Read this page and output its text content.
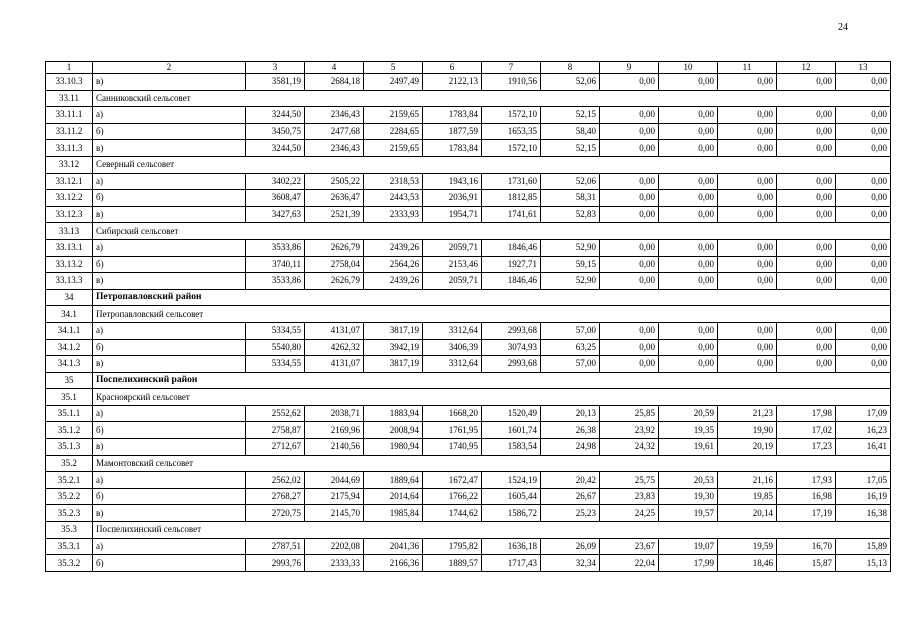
24
1	2	3	4	5	6	7	8	9	10	11	12	13
33.10.3	в)	3581,19	2684,18	2497,49	2122,13	1910,56	52,06	0,00	0,00	0,00	0,00	0,00
33.11	Санниковский сельсовет											
33.11.1	а)	3244,50	2346,43	2159,65	1783,84	1572,10	52,15	0,00	0,00	0,00	0,00	0,00
33.11.2	б)	3450,75	2477,68	2284,65	1877,59	1653,35	58,40	0,00	0,00	0,00	0,00	0,00
33.11.3	в)	3244,50	2346,43	2159,65	1783,84	1572,10	52,15	0,00	0,00	0,00	0,00	0,00
33.12	Северный сельсовет											
33.12.1	а)	3402,22	2505,22	2318,53	1943,16	1731,60	52,06	0,00	0,00	0,00	0,00	0,00
33.12.2	б)	3608,47	2636,47	2443,53	2036,91	1812,85	58,31	0,00	0,00	0,00	0,00	0,00
33.12.3	в)	3427,63	2521,39	2333,93	1954,71	1741,61	52,83	0,00	0,00	0,00	0,00	0,00
33.13	Сибирский сельсовет											
33.13.1	а)	3533,86	2626,79	2439,26	2059,71	1846,46	52,90	0,00	0,00	0,00	0,00	0,00
33.13.2	б)	3740,11	2758,04	2564,26	2153,46	1927,71	59,15	0,00	0,00	0,00	0,00	0,00
33.13.3	в)	3533,86	2626,79	2439,26	2059,71	1846,46	52,90	0,00	0,00	0,00	0,00	0,00
34	Петропавловский район											
34.1	Петропавловский сельсовет											
34.1.1	а)	5334,55	4131,07	3817,19	3312,64	2993,68	57,00	0,00	0,00	0,00	0,00	0,00
34.1.2	б)	5540,80	4262,32	3942,19	3406,39	3074,93	63,25	0,00	0,00	0,00	0,00	0,00
34.1.3	в)	5334,55	4131,07	3817,19	3312,64	2993,68	57,00	0,00	0,00	0,00	0,00	0,00
35	Поспелихинский район											
35.1	Красноярский сельсовет											
35.1.1	а)	2552,62	2038,71	1883,94	1668,20	1520,49	20,13	25,85	20,59	21,23	17,98	17,09
35.1.2	б)	2758,87	2169,96	2008,94	1761,95	1601,74	26,38	23,92	19,35	19,90	17,02	16,23
35.1.3	в)	2712,67	2140,56	1980,94	1740,95	1583,54	24,98	24,32	19,61	20,19	17,23	16,41
35.2	Мамонтовский сельсовет											
35.2.1	а)	2562,02	2044,69	1889,64	1672,47	1524,19	20,42	25,75	20,53	21,16	17,93	17,05
35.2.2	б)	2768,27	2175,94	2014,64	1766,22	1605,44	26,67	23,83	19,30	19,85	16,98	16,19
35.2.3	в)	2720,75	2145,70	1985,84	1744,62	1586,72	25,23	24,25	19,57	20,14	17,19	16,38
35.3	Поспелихинский сельсовет											
35.3.1	а)	2787,51	2202,08	2041,36	1795,82	1636,18	26,09	23,67	19,07	19,59	16,70	15,89
35.3.2	б)	2993,76	2333,33	2166,36	1889,57	1717,43	32,34	22,04	17,99	18,46	15,87	15,13
